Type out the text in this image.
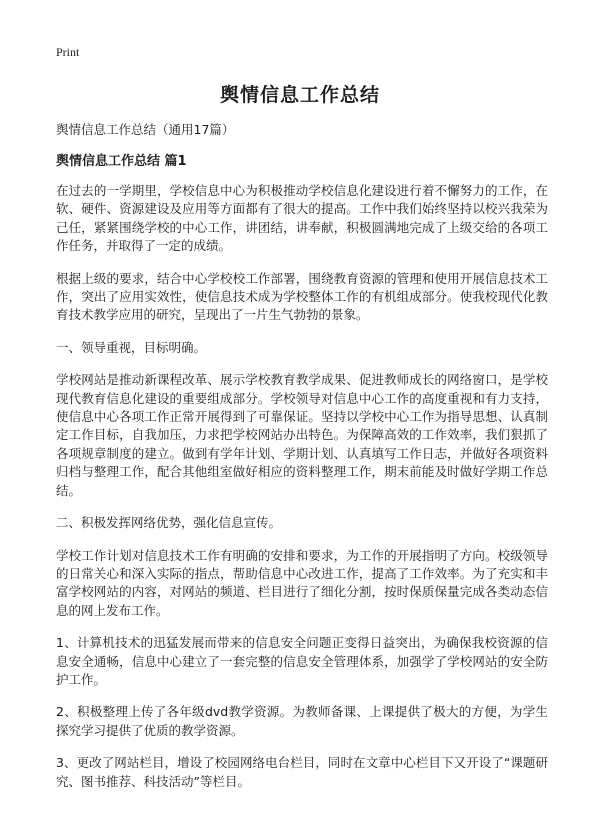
Print
舆情信息工作总结
舆情信息工作总结（通用17篇）
舆情信息工作总结 篇1

在过去的一学期里，学校信息中心为积极推动学校信息化建设进行着不懈努力的工作，在软、硬件、资源建设及应用等方面都有了很大的提高。工作中我们始终坚持以校兴我荣为己任，紧紧围绕学校的中心工作，讲团结，讲奉献，积极圆满地完成了上级交给的各项工作任务，并取得了一定的成绩。

根据上级的要求，结合中心学校校工作部署，围绕教育资源的管理和使用开展信息技术工作，突出了应用实效性，使信息技术成为学校整体工作的有机组成部分。使我校现代化教育技术教学应用的研究，呈现出了一片生气勃勃的景象。

一、领导重视，目标明确。

学校网站是推动新课程改革、展示学校教育教学成果、促进教师成长的网络窗口，是学校现代教育信息化建设的重要组成部分。学校领导对信息中心工作的高度重视和有力支持，使信息中心各项工作正常开展得到了可靠保证。坚持以学校中心工作为指导思想、认真制定工作目标，自我加压，力求把学校网站办出特色。为保障高效的工作效率，我们狠抓了各项规章制度的建立。做到有学年计划、学期计划、认真填写工作日志，并做好各项资料归档与整理工作，配合其他组室做好相应的资料整理工作，期末前能及时做好学期工作总结。

二、积极发挥网络优势，强化信息宣传。

学校工作计划对信息技术工作有明确的安排和要求，为工作的开展指明了方向。校级领导的日常关心和深入实际的指点，帮助信息中心改进工作，提高了工作效率。为了充实和丰富学校网站的内容，对网站的频道、栏目进行了细化分割，按时保质保量完成各类动态信息的网上发布工作。

1、计算机技术的迅猛发展而带来的信息安全问题正变得日益突出，为确保我校资源的信息安全通畅，信息中心建立了一套完整的信息安全管理体系，加强学了学校网站的安全防护工作。

2、积极整理上传了各年级dvd教学资源。为教师备课、上课提供了极大的方便，为学生探究学习提供了优质的教学资源。

3、更改了网站栏目，增设了校园网络电台栏目，同时在文章中心栏目下又开设了“课题研究、图书推荐、科技活动”等栏目。
